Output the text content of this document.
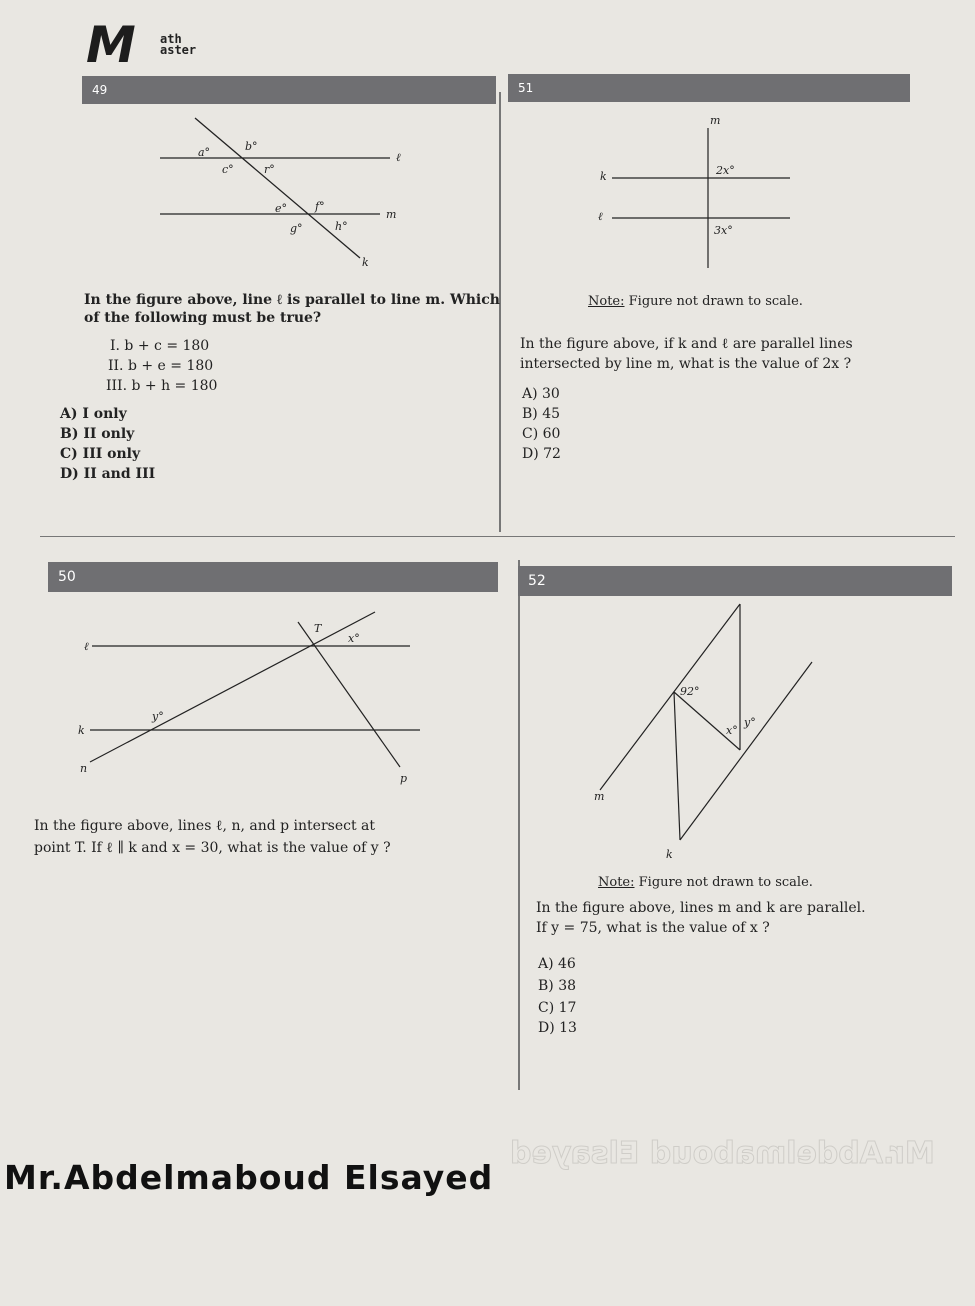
M ath
aster
49
a°	b°
c°	r°
e°	f°
g°	h°
ℓ
m
k
In the figure above, line ℓ is parallel to line m. Which
of the following must be true?
I. b + c = 180
II. b + e = 180
III. b + h = 180
A) I only
B) II only
C) III only
D) II and III
51
m
k
ℓ
2x°
3x°
Note: Figure not drawn to scale.
In the figure above, if k and ℓ are parallel lines
intersected by line m, what is the value of 2x ?
A) 30
B) 45
C) 60
D) 72
50
T
x°
y°
ℓ
k
n
p
In the figure above, lines ℓ, n, and p intersect at
point T. If ℓ ∥ k and x = 30, what is the value of y ?
52
92°
x°
y°
m
k
Note: Figure not drawn to scale.
In the figure above, lines m and k are parallel.
If y = 75, what is the value of x ?
A) 46
B) 38
C) 17
D) 13
Mr.Abdelmaboud Elsayed
Mr.Abdelmaboud Elsayed
